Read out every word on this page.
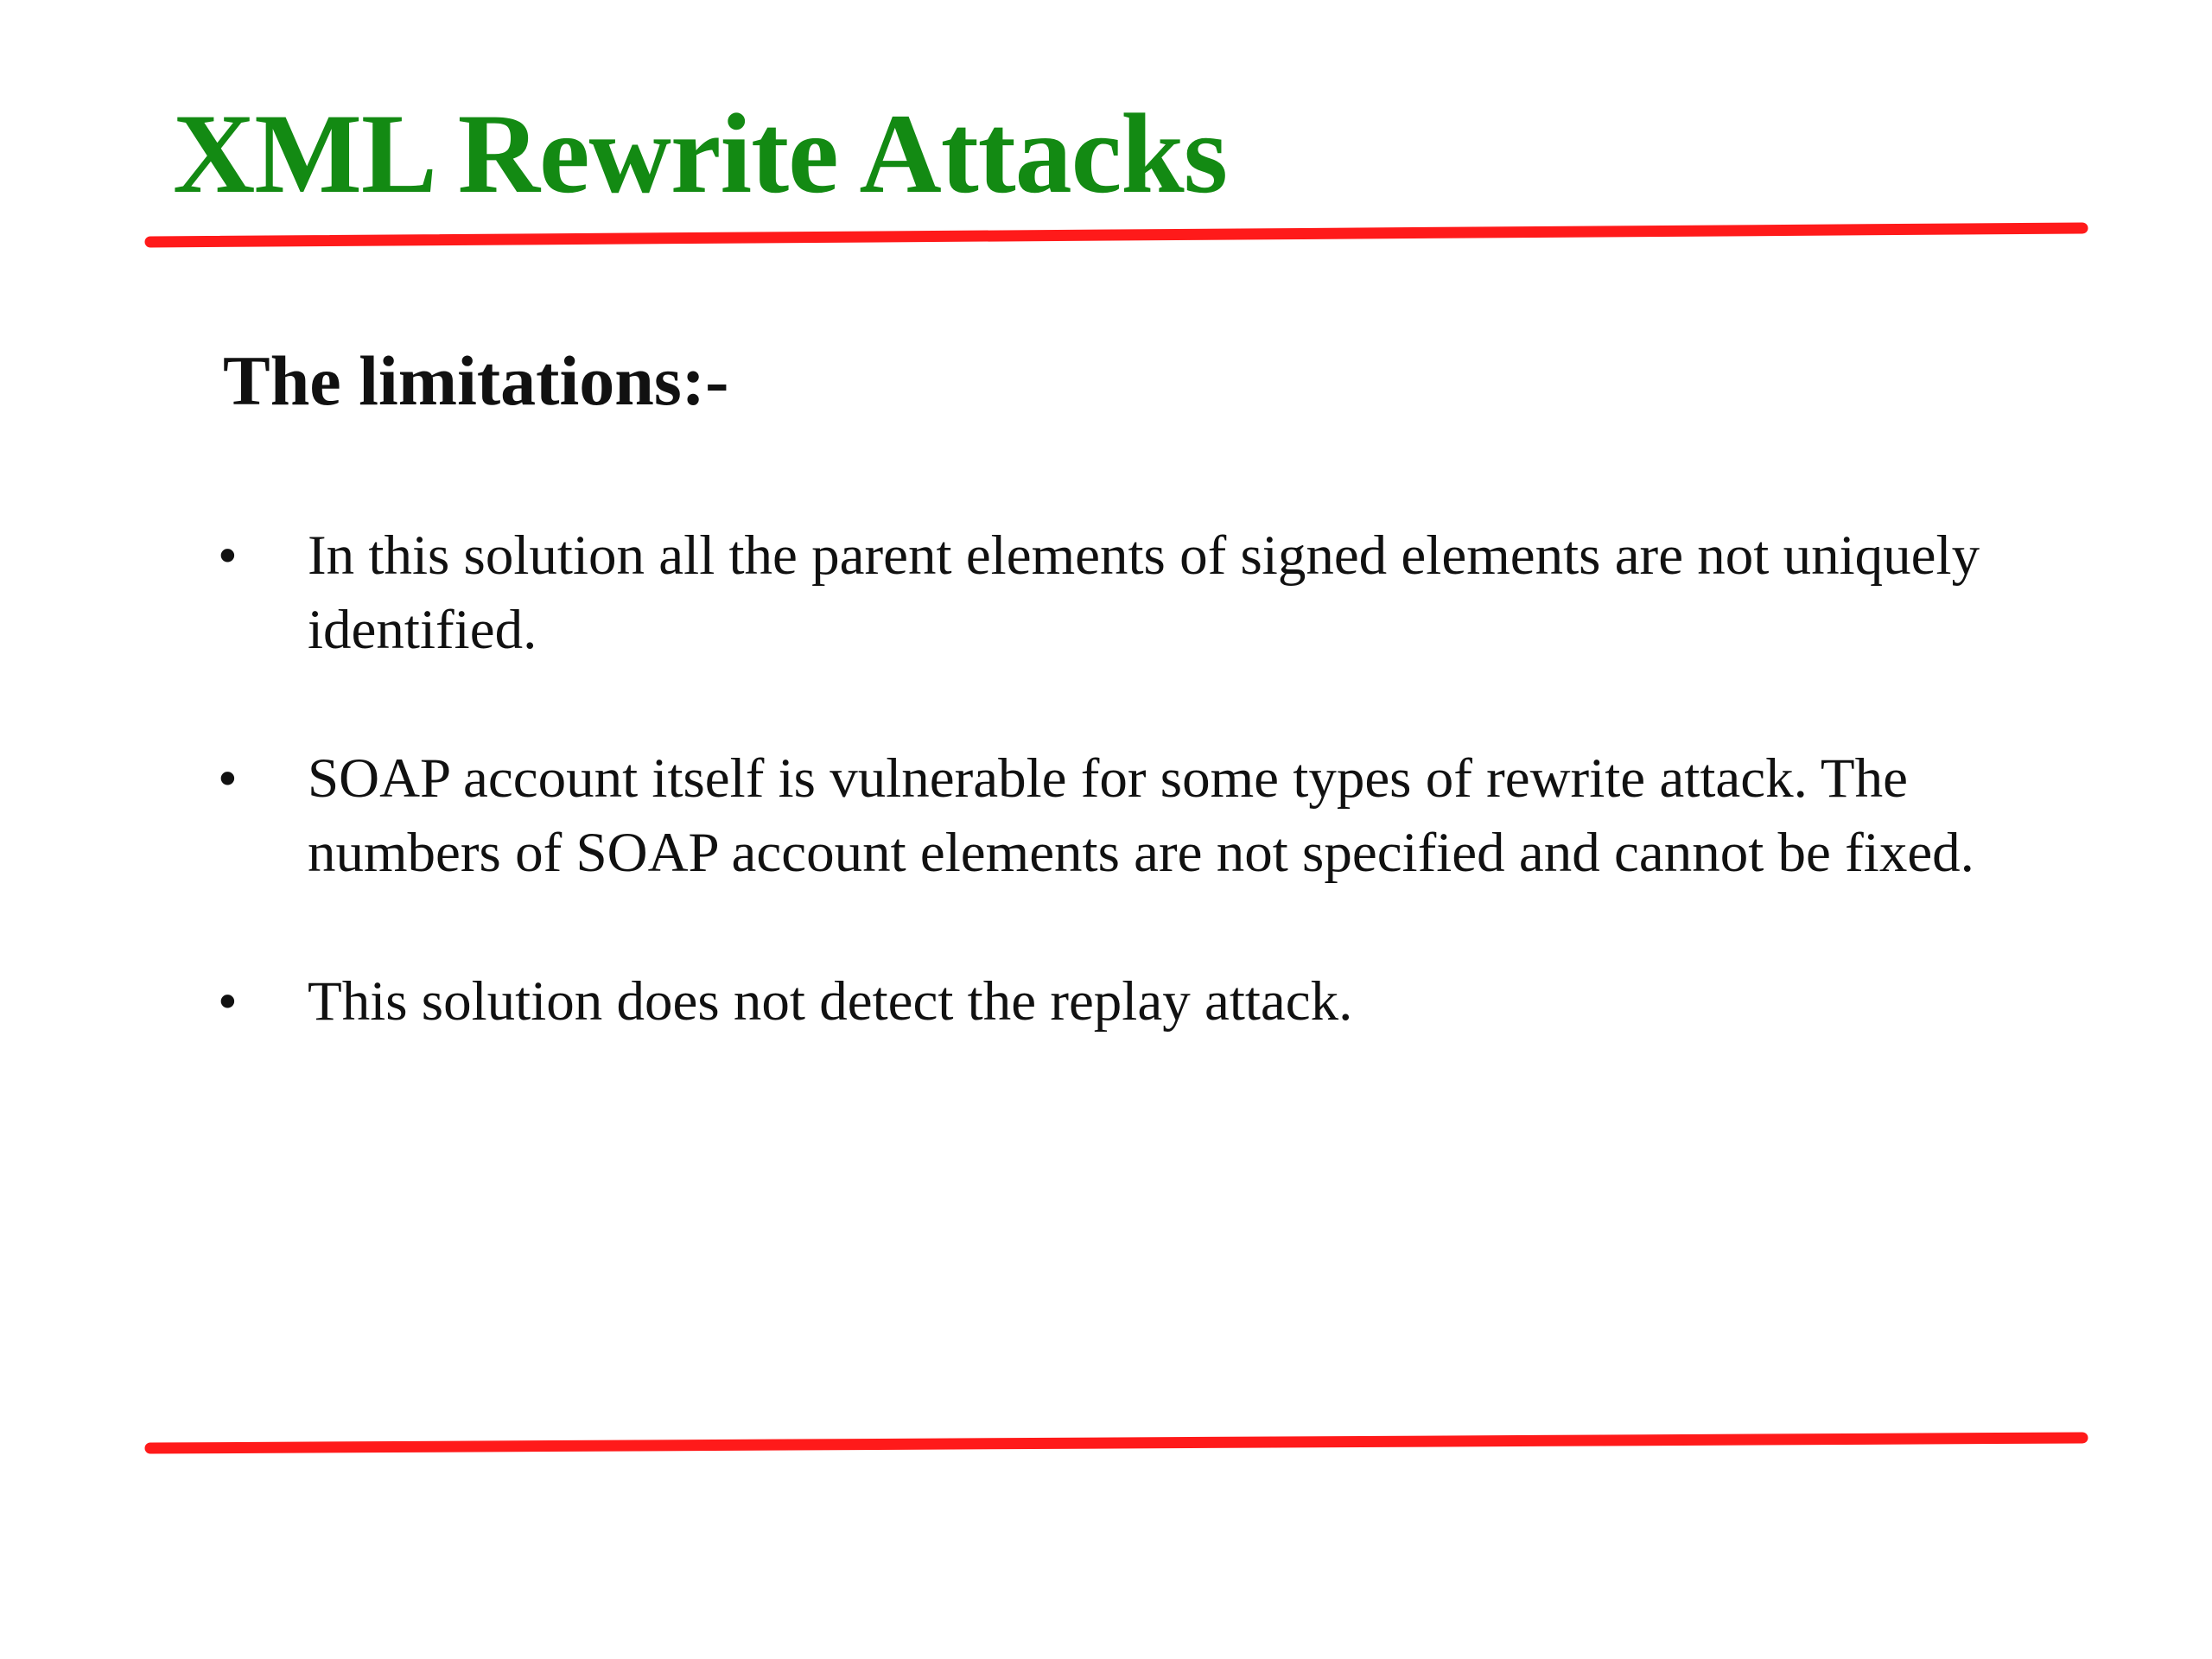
XML Rewrite Attacks
The limitations:-
• In this solution all the parent elements of signed elements are not uniquely identified.
• SOAP account itself is vulnerable for some types of rewrite attack. The numbers of SOAP account elements are not specified and cannot be fixed.
• This solution does not detect the replay attack.
